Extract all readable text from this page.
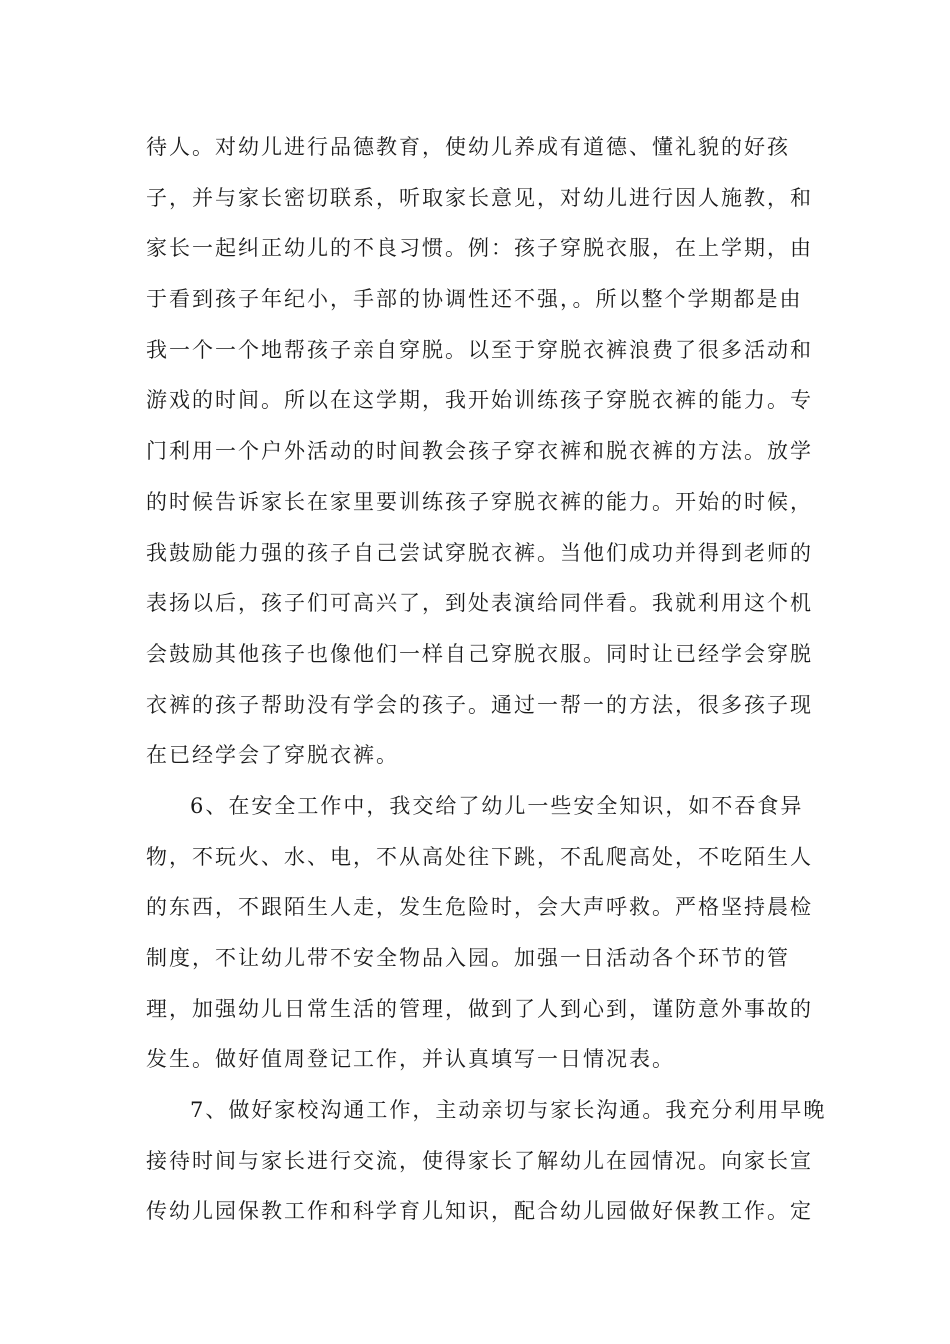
待人。对幼儿进行品德教育，使幼儿养成有道德、懂礼貌的好孩
子，并与家长密切联系，听取家长意见，对幼儿进行因人施教，和
家长一起纠正幼儿的不良习惯。例：孩子穿脱衣服，在上学期，由
于看到孩子年纪小，手部的协调性还不强，。所以整个学期都是由
我一个一个地帮孩子亲自穿脱。以至于穿脱衣裤浪费了很多活动和
游戏的时间。所以在这学期，我开始训练孩子穿脱衣裤的能力。专
门利用一个户外活动的时间教会孩子穿衣裤和脱衣裤的方法。放学
的时候告诉家长在家里要训练孩子穿脱衣裤的能力。开始的时候，
我鼓励能力强的孩子自己尝试穿脱衣裤。当他们成功并得到老师的
表扬以后，孩子们可高兴了，到处表演给同伴看。我就利用这个机
会鼓励其他孩子也像他们一样自己穿脱衣服。同时让已经学会穿脱
衣裤的孩子帮助没有学会的孩子。通过一帮一的方法，很多孩子现
在已经学会了穿脱衣裤。
6、在安全工作中，我交给了幼儿一些安全知识，如不吞食异
物，不玩火、水、电，不从高处往下跳，不乱爬高处，不吃陌生人
的东西，不跟陌生人走，发生危险时，会大声呼救。严格坚持晨检
制度，不让幼儿带不安全物品入园。加强一日活动各个环节的管
理，加强幼儿日常生活的管理，做到了人到心到，谨防意外事故的
发生。做好值周登记工作，并认真填写一日情况表。
7、做好家校沟通工作，主动亲切与家长沟通。我充分利用早晚
接待时间与家长进行交流，使得家长了解幼儿在园情况。向家长宣
传幼儿园保教工作和科学育儿知识，配合幼儿园做好保教工作。定
